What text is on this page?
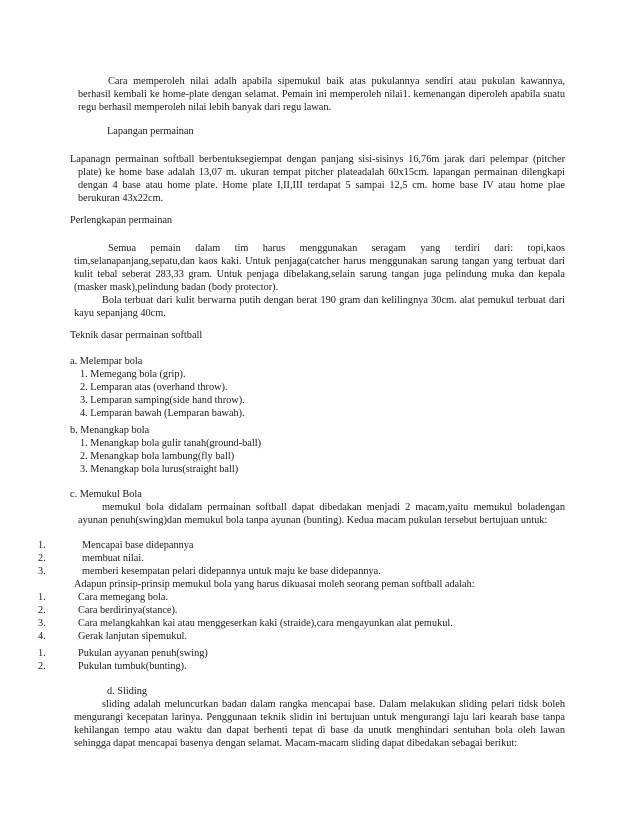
Cara memperoleh nilai adalh apabila sipemukul baik atas pukulannya sendiri atau pukulan kawannya,

berhasil kembali ke home-plate dengan selamat. Pemain ini memperoleh nilai1. kemenangan diperoleh apabila suatu

regu berhasil memperoleh nilai lebih banyak dari regu lawan.

Lapangan permainan

Lapanagn permainan softball berbentuksegiempat dengan panjang sisi-sisinys 16,76m jarak dari pelempar (pitcher

plate) ke home base adalah 13,07 m. ukuran tempat pitcher plateadalah 60x15cm. lapangan permainan dilengkapi

dengan 4 base atau home plate. Home plate I,II,III terdapat 5 sampai 12,5 cm. home base IV atau home plae

berukuran 43x22cm.

Perlengkapan permainan

Semua pemain dalam tim harus menggunakan seragam yang terdiri dari: topi,kaos

tim,selanapanjang,sepatu,dan kaos kaki. Untuk penjaga(catcher harus menggunakan sarung tangan yang terbuat dari

kulit tebal seberat 283,33 gram. Untuk penjaga dibelakang,selain sarung tangan juga pelindung muka dan kepala

(masker mask),pelindung badan (body protector).

Bola terbuat dari kulit berwarna putih dengan berat 190 gram dan kelilingnya 30cm. alat pemukul terbuat dari

kayu sepanjang 40cm.

Teknik dasar permainan softball

a. Melempar bola

1. Memegang bola (grip).

2. Lemparan atas (overhand throw).

3. Lemparan samping(side hand throw).

4. Lemparan bawah (Lemparan bawah).

b. Menangkap bola

1. Menangkap bola gulir tanah(ground-ball)

2. Menangkap bola lambung(fly ball)

3. Menangkap bola lurus(straight ball)

c. Memukul Bola

memukul bola didalam permainan softball dapat dibedakan menjadi 2 macam,yaitu memukul boladengan

ayunan penuh(swing)dan memukul bola tanpa ayunan (bunting). Kedua macam pukulan tersebut bertujuan untuk:

1.	Mencapai base didepannya
2.	membuat nilai.
3.	memberi kesempatan pelari didepannya untuk maju ke base didepannya.

Adapun prinsip-prinsip memukul bola yang harus dikuasai moleh seorang peman softball adalah:

1.	Cara memegang bola.
2.	Cara berdirinya(stance).
3.	Cara melangkahkan kai atau menggeserkan kaki (straide),cara mengayunkan alat pemukul.
4.	Gerak lanjutan sipemukul.
1.	Pukulan ayyanan penuh(swing)
2.	Pukulan tumbuk(bunting).

d. Sliding

sliding adalah meluncurkan badan dalam rangka mencapai base. Dalam melakukan sliding pelari tidsk boleh

mengurangi kecepatan larinya. Penggunaan teknik slidin ini bertujuan untuk mengurangi laju lari kearah base tanpa

kehilangan tempo atau waktu dan dapat berhenti tepat di base da unutk menghindari sentuhan bola oleh lawan

sehingga dapat mencapai basenya dengan selamat. Macam-macam sliding dapat dibedakan sebagai berikut:
